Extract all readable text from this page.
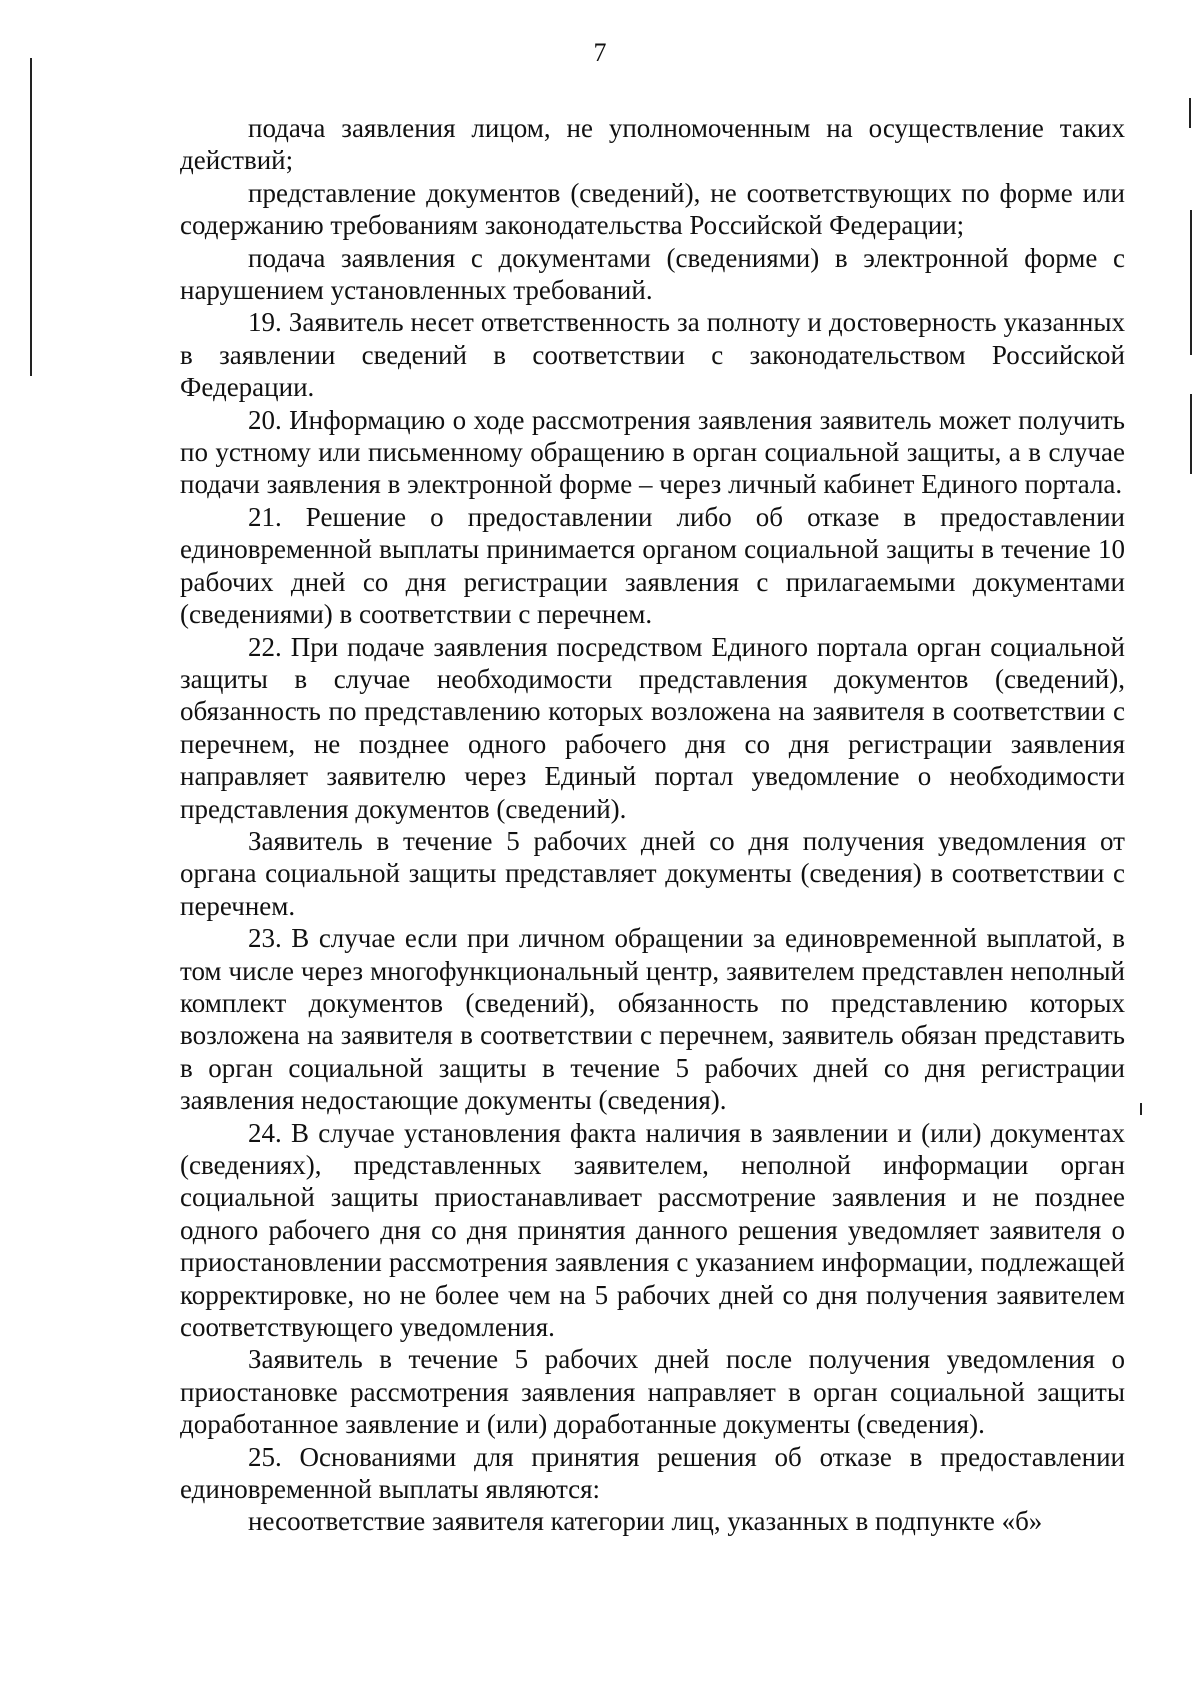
7

подача заявления лицом, не уполномоченным на осуществление таких действий;

представление документов (сведений), не соответствующих по форме или содержанию требованиям законодательства Российской Федерации;

подача заявления с документами (сведениями) в электронной форме с нарушением установленных требований.

19. Заявитель несет ответственность за полноту и достоверность указанных в заявлении сведений в соответствии с законодательством Российской Федерации.

20. Информацию о ходе рассмотрения заявления заявитель может получить по устному или письменному обращению в орган социальной защиты, а в случае подачи заявления в электронной форме – через личный кабинет Единого портала.

21. Решение о предоставлении либо об отказе в предоставлении единовременной выплаты принимается органом социальной защиты в течение 10 рабочих дней со дня регистрации заявления с прилагаемыми документами (сведениями) в соответствии с перечнем.

22. При подаче заявления посредством Единого портала орган социальной защиты в случае необходимости представления документов (сведений), обязанность по представлению которых возложена на заявителя в соответствии с перечнем, не позднее одного рабочего дня со дня регистрации заявления направляет заявителю через Единый портал уведомление о необходимости представления документов (сведений).

Заявитель в течение 5 рабочих дней со дня получения уведомления от органа социальной защиты представляет документы (сведения) в соответствии с перечнем.

23. В случае если при личном обращении за единовременной выплатой, в том числе через многофункциональный центр, заявителем представлен неполный комплект документов (сведений), обязанность по представлению которых возложена на заявителя в соответствии с перечнем, заявитель обязан представить в орган социальной защиты в течение 5 рабочих дней со дня регистрации заявления недостающие документы (сведения).

24. В случае установления факта наличия в заявлении и (или) документах (сведениях), представленных заявителем, неполной информации орган социальной защиты приостанавливает рассмотрение заявления и не позднее одного рабочего дня со дня принятия данного решения уведомляет заявителя о приостановлении рассмотрения заявления с указанием информации, подлежащей корректировке, но не более чем на 5 рабочих дней со дня получения заявителем соответствующего уведомления.

Заявитель в течение 5 рабочих дней после получения уведомления о приостановке рассмотрения заявления направляет в орган социальной защиты доработанное заявление и (или) доработанные документы (сведения).

25. Основаниями для принятия решения об отказе в предоставлении единовременной выплаты являются:

несоответствие заявителя категории лиц, указанных в подпункте «б»
